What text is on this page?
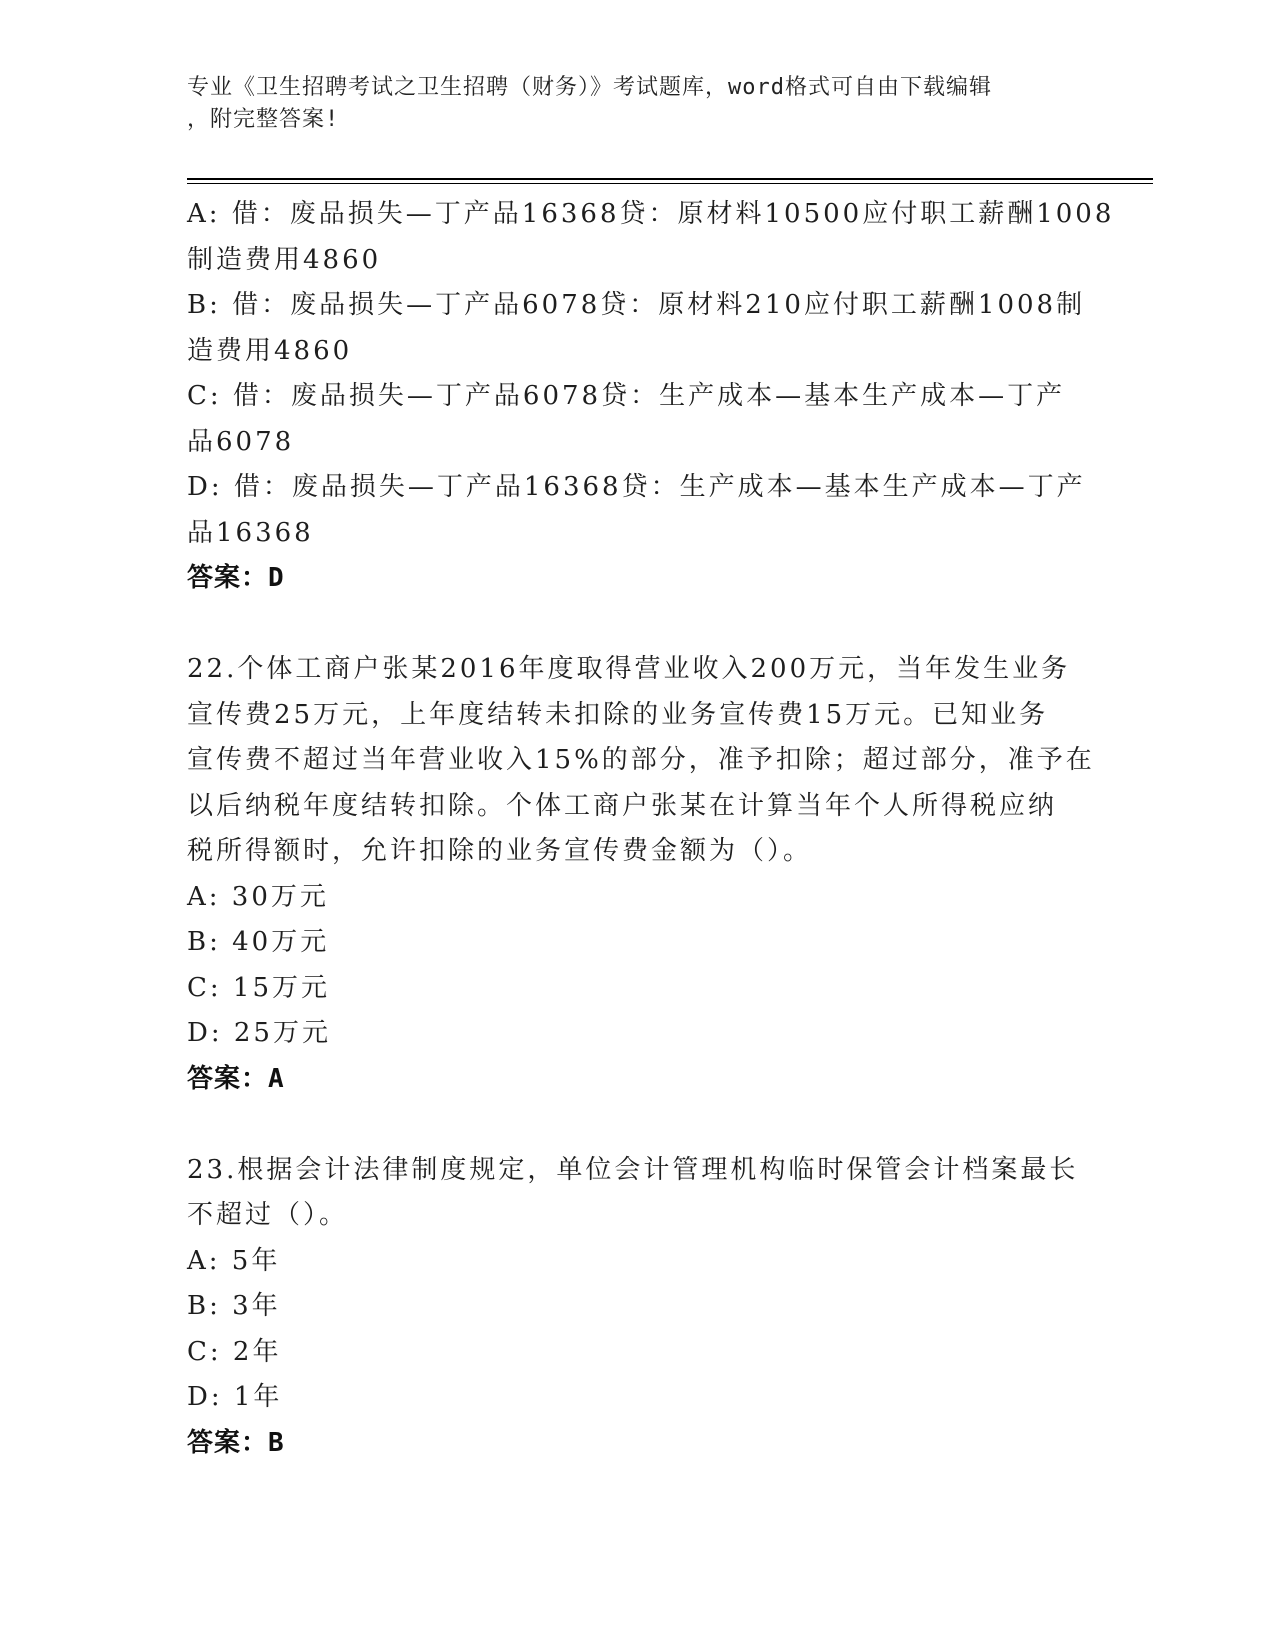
专业《卫生招聘考试之卫生招聘（财务）》考试题库，word格式可自由下载编辑
，附完整答案!
A: 借：废品损失—丁产品16368贷：原材料10500应付职工薪酬1008
制造费用4860
B: 借：废品损失—丁产品6078贷：原材料210应付职工薪酬1008制
造费用4860
C: 借：废品损失—丁产品6078贷：生产成本—基本生产成本—丁产
品6078
D: 借：废品损失—丁产品16368贷：生产成本—基本生产成本—丁产
品16368
答案：D
22.个体工商户张某2016年度取得营业收入200万元，当年发生业务
宣传费25万元，上年度结转未扣除的业务宣传费15万元。已知业务
宣传费不超过当年营业收入15%的部分，准予扣除；超过部分，准予在
以后纳税年度结转扣除。个体工商户张某在计算当年个人所得税应纳
税所得额时，允许扣除的业务宣传费金额为（）。
A: 30万元
B: 40万元
C: 15万元
D: 25万元
答案：A
23.根据会计法律制度规定，单位会计管理机构临时保管会计档案最长
不超过（）。
A: 5年
B: 3年
C: 2年
D: 1年
答案：B
